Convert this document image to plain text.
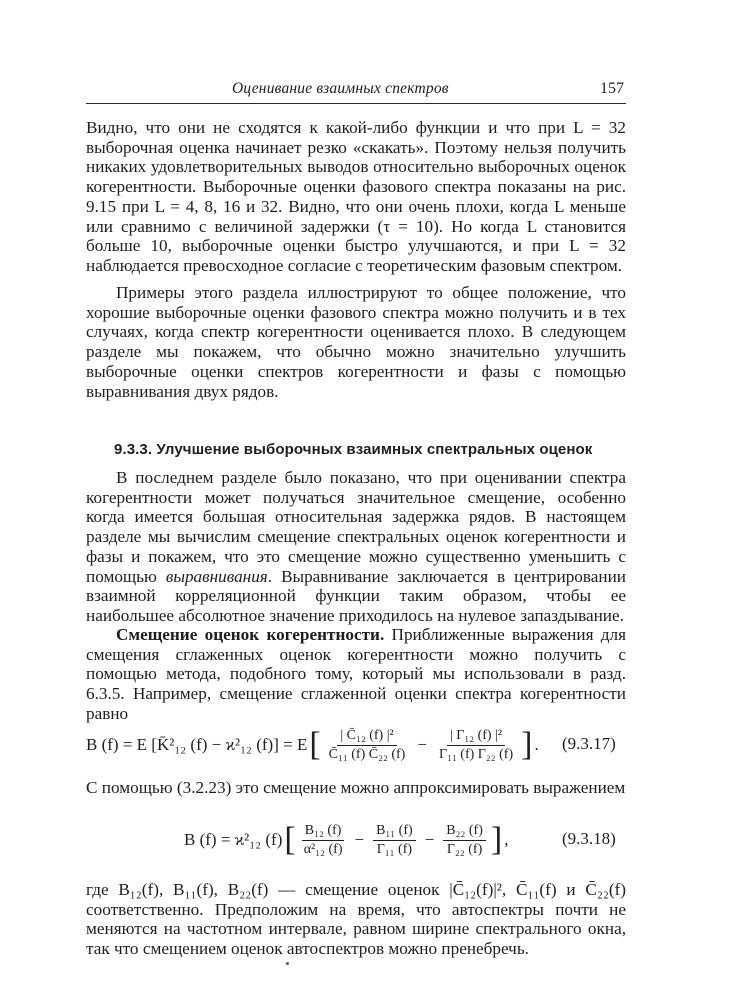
Оценивание взаимных спектров	157

Видно, что они не сходятся к какой-либо функции и что при L = 32 выборочная оценка начинает резко «скакать». Поэтому нельзя получить никаких удовлетворительных выводов относительно выборочных оценок когерентности. Выборочные оценки фазового спектра показаны на рис. 9.15 при L = 4, 8, 16 и 32. Видно, что они очень плохи, когда L меньше или сравнимо с величиной задержки (τ = 10). Но когда L становится больше 10, выборочные оценки быстро улучшаются, и при L = 32 наблюдается превосходное согласие с теоретическим фазовым спектром.

Примеры этого раздела иллюстрируют то общее положение, что хорошие выборочные оценки фазового спектра можно получить и в тех случаях, когда спектр когерентности оценивается плохо. В следующем разделе мы покажем, что обычно можно значительно улучшить выборочные оценки спектров когерентности и фазы с помощью выравнивания двух рядов.

9.3.3. Улучшение выборочных взаимных спектральных оценок

В последнем разделе было показано, что при оценивании спектра когерентности может получаться значительное смещение, особенно когда имеется большая относительная задержка рядов. В настоящем разделе мы вычислим смещение спектральных оценок когерентности и фазы и покажем, что это смещение можно существенно уменьшить с помощью выравнивания. Выравнивание заключается в центрировании взаимной корреляционной функции таким образом, чтобы ее наибольшее абсолютное значение приходилось на нулевое запаздывание.

Смещение оценок когерентности. Приближенные выражения для смещения сглаженных оценок когерентности можно получить с помощью метода, подобного тому, который мы использовали в разд. 6.3.5. Например, смещение сглаженной оценки спектра когерентности равно

B (f) = E [K̄²₁₂ (f) − ϰ²₁₂ (f)] = E [ $\frac{\text{| C̄₁₂ (f) |²}}{\text{C̄₁₁ (f) C̄₂₂ (f)}} - \frac{\text{| Γ₁₂ (f) |²}}{\text{Γ₁₁ (f) Γ₂₂ (f)}}$ ] . (9.3.17)

С помощью (3.2.23) это смещение можно аппроксимировать выражением

B (f) = ϰ²₁₂ (f) [ $\frac{\text{B₁₂ (f)}}{\text{α²₁₂ (f)}} - \frac{\text{B₁₁ (f)}}{\text{Γ₁₁ (f)}} - \frac{\text{B₂₂ (f)}}{\text{Γ₂₂ (f)}}$ ] ,	(9.3.18)

где B₁₂(f), B₁₁(f), B₂₂(f) — смещение оценок |C̄₁₂(f)|², C̄₁₁(f) и C̄₂₂(f) соответственно. Предположим на время, что автоспектры почти не меняются на частотном интервале, равном ширине спектрального окна, так что смещением оценок автоспектров можно пренебречь.
